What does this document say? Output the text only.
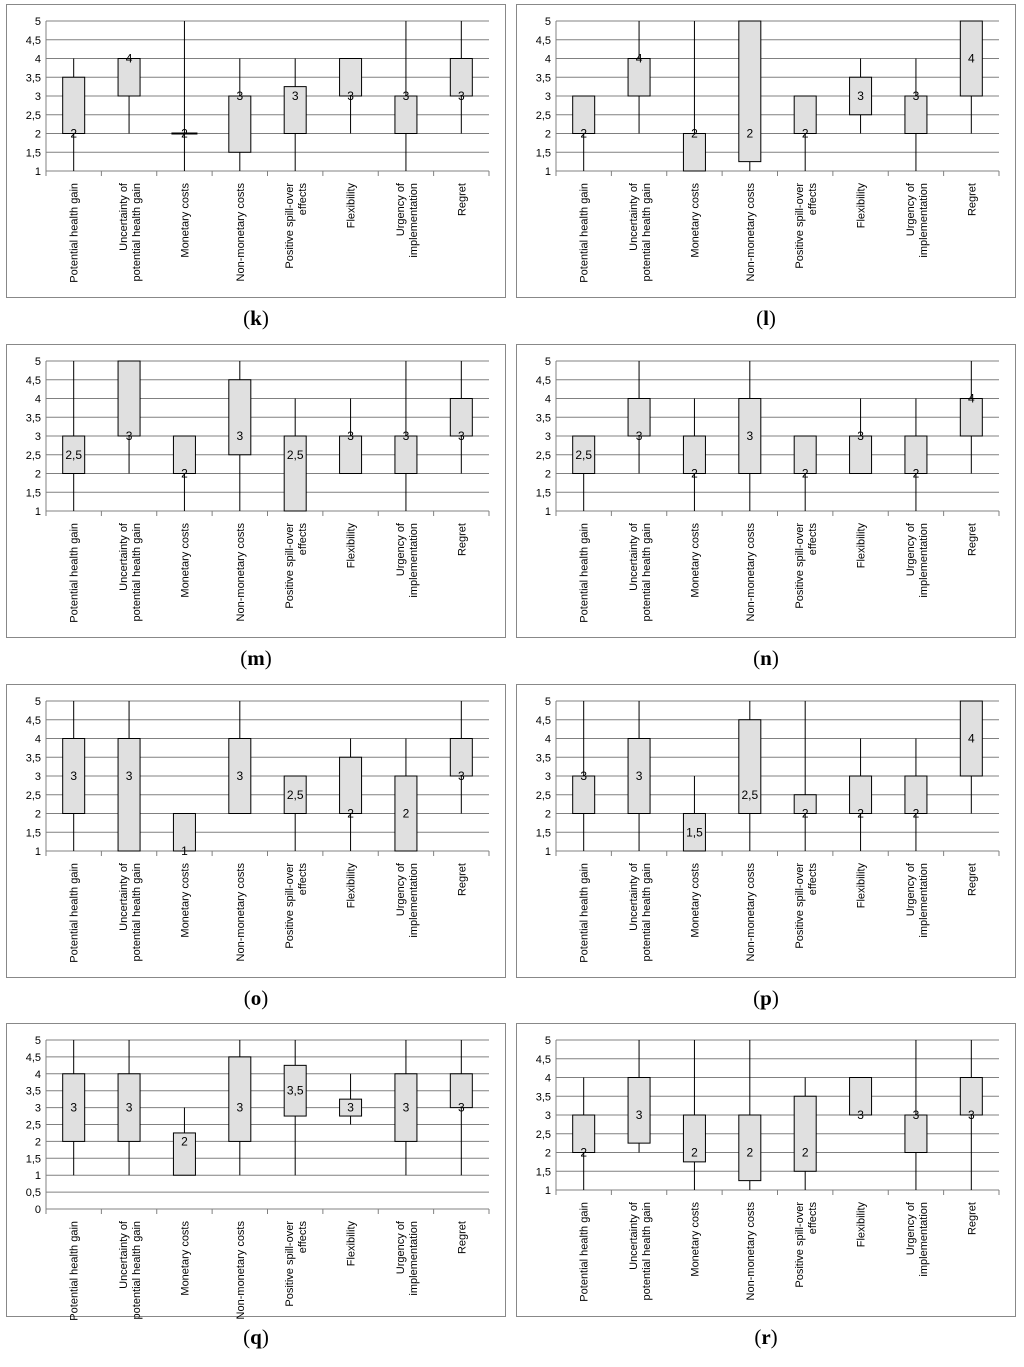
1
1,5
2
2,5
3
3,5
4
4,5
5
2
4
2
3	3	3	3	3
Potential health gain	Uncertainty ofpotential health gain	Monetary costs	Non-monetary costs	Positive spill-overeffects	Flexibility	Urgency ofimplementation	Regret
(k)
1
1,5
2
2,5
3
3,5
4
4,5
5
2
4
2	2	2
3	3
4
Potential health gain	Uncertainty ofpotential health gain	Monetary costs	Non-monetary costs	Positive spill-overeffects	Flexibility	Urgency ofimplementation	Regret
(l)
1
1,5
2
2,5
3
3,5
4
4,5
5
2,5
3
2
3
2,5
3	3	3
Potential health gain	Uncertainty ofpotential health gain	Monetary costs	Non-monetary costs	Positive spill-overeffects	Flexibility	Urgency ofimplementation	Regret
(m)
1
1,5
2
2,5
3
3,5
4
4,5
5
2,5
3
2
3
2
3
2
4
Potential health gain	Uncertainty ofpotential health gain	Monetary costs	Non-monetary costs	Positive spill-overeffects	Flexibility	Urgency ofimplementation	Regret
(n)
1
1,5
2
2,5
3
3,5
4
4,5
5
3	3
1
3
2,5
2	2
3
Potential health gain	Uncertainty ofpotential health gain	Monetary costs	Non-monetary costs	Positive spill-overeffects	Flexibility	Urgency ofimplementation	Regret
(o)
1
1,5
2
2,5
3
3,5
4
4,5
5
3	3
1,5
2,5
2	2	2
4
Potential health gain	Uncertainty ofpotential health gain	Monetary costs	Non-monetary costs	Positive spill-overeffects	Flexibility	Urgency ofimplementation	Regret
(p)
0
0,5
1
1,5
2
2,5
3
3,5
4
4,5
5
3	3
2
3
3,5
3	3	3
Potential health gain	Uncertainty ofpotential health gain	Monetary costs	Non-monetary costs	Positive spill-overeffects	Flexibility	Urgency ofimplementation	Regret
(q)
1
1,5
2
2,5
3
3,5
4
4,5
5
2
3
2	2	2
3	3	3
Potential health gain	Uncertainty ofpotential health gain	Monetary costs	Non-monetary costs	Positive spill-overeffects	Flexibility	Urgency ofimplementation	Regret
(r)
